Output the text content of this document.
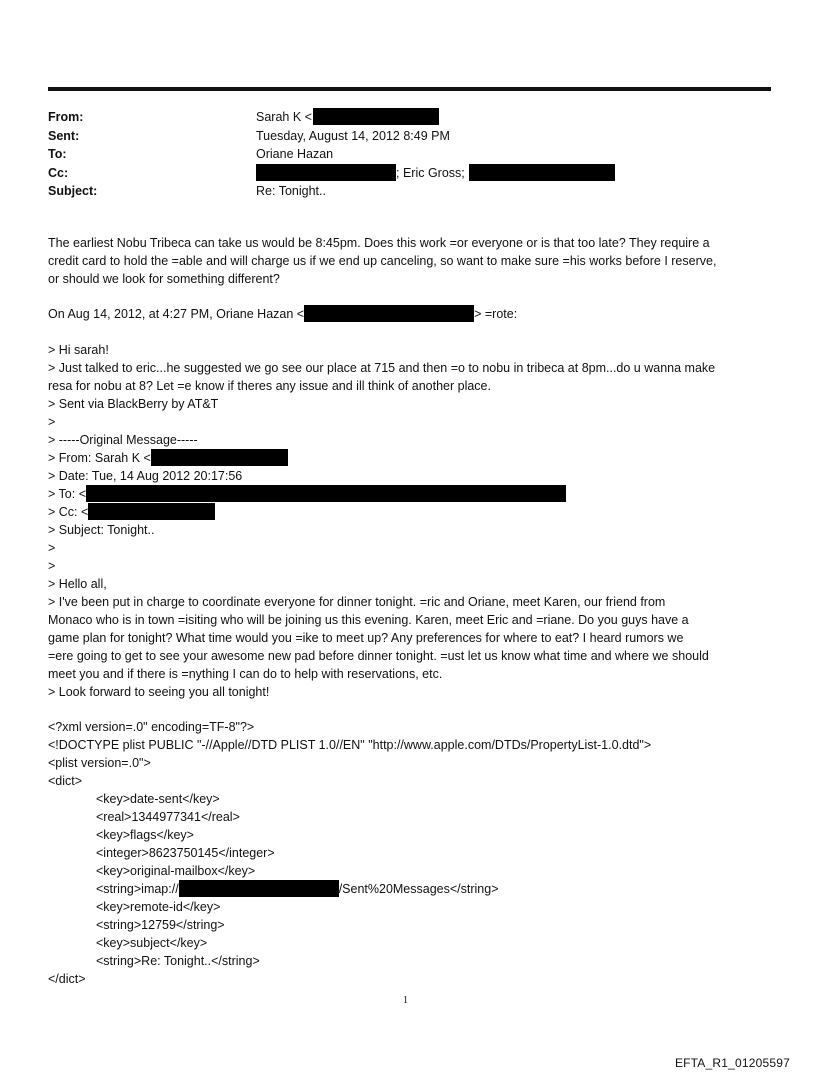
From:	Sarah K <
Sent:	Tuesday, August 14, 2012 8:49 PM
To:	Oriane Hazan
Cc:	; Eric Gross;
Subject:	Re: Tonight..
The earliest Nobu Tribeca can take us would be 8:45pm. Does this work =or everyone or is that too late? They require a
credit card to hold the =able and will charge us if we end up canceling, so want to make sure =his works before I reserve,
or should we look for something different?
On Aug 14, 2012, at 4:27 PM, Oriane Hazan <	> =rote:
> Hi sarah!
> Just talked to eric...he suggested we go see our place at 715 and then =o to nobu in tribeca at 8pm...do u wanna make
resa for nobu at 8? Let =e know if theres any issue and ill think of another place.
> Sent via BlackBerry by AT&T
>
> -----Original Message-----
> From: Sarah K <
> Date: Tue, 14 Aug 2012 20:17:56
> To: <
> Cc: <
> Subject: Tonight..
>
>
> Hello all,
> I've been put in charge to coordinate everyone for dinner tonight. =ric and Oriane, meet Karen, our friend from
Monaco who is in town =isiting who will be joining us this evening. Karen, meet Eric and =riane. Do you guys have a
game plan for tonight? What time would you =ike to meet up? Any preferences for where to eat? I heard rumors we
=ere going to get to see your awesome new pad before dinner tonight. =ust let us know what time and where we should
meet you and if there is =nything I can do to help with reservations, etc.
> Look forward to seeing you all tonight!
<?xml version=.0" encoding=TF-8"?>
<!DOCTYPE plist PUBLIC "-//Apple//DTD PLIST 1.0//EN" "http://www.apple.com/DTDs/PropertyList-1.0.dtd">
<plist version=.0">
<dict>
<key>date-sent</key>
<real>1344977341</real>
<key>flags</key>
<integer>8623750145</integer>
<key>original-mailbox</key>
<string>imap://	/Sent%20Messages</string>
<key>remote-id</key>
<string>12759</string>
<key>subject</key>
<string>Re: Tonight..</string>
</dict>
1
EFTA_R1_01205597
